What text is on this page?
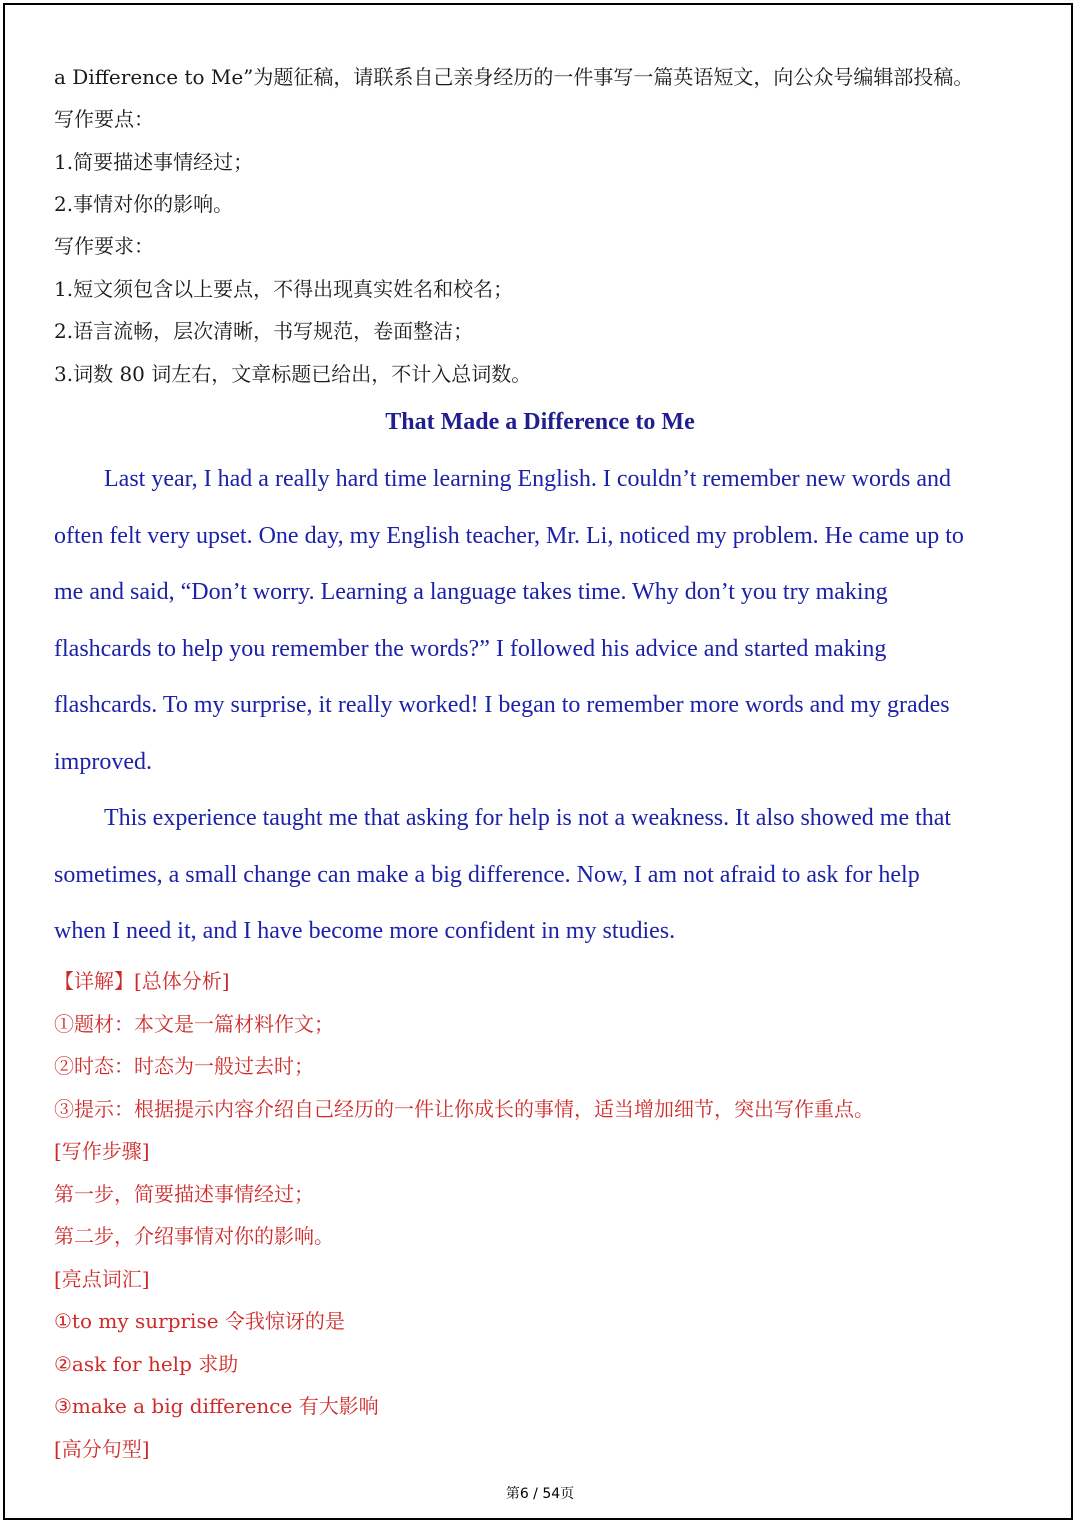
a Difference to Me”为题征稿，请联系自己亲身经历的一件事写一篇英语短文，向公众号编辑部投稿。
写作要点：
1.简要描述事情经过；
2.事情对你的影响。
写作要求：
1.短文须包含以上要点，不得出现真实姓名和校名；
2.语言流畅，层次清晰，书写规范，卷面整洁；
3.词数 80 词左右，文章标题已给出，不计入总词数。
That Made a Difference to Me
Last year, I had a really hard time learning English. I couldn’t remember new words and
often felt very upset. One day, my English teacher, Mr. Li, noticed my problem. He came up to
me and said, “Don’t worry. Learning a language takes time. Why don’t you try making
flashcards to help you remember the words?” I followed his advice and started making
flashcards. To my surprise, it really worked! I began to remember more words and my grades
improved.
This experience taught me that asking for help is not a weakness. It also showed me that
sometimes, a small change can make a big difference. Now, I am not afraid to ask for help
when I need it, and I have become more confident in my studies.
【详解】[总体分析]
①题材：本文是一篇材料作文；
②时态：时态为一般过去时；
③提示：根据提示内容介绍自己经历的一件让你成长的事情，适当增加细节，突出写作重点。
[写作步骤]
第一步，简要描述事情经过；
第二步，介绍事情对你的影响。
[亮点词汇]
①to my surprise 令我惊讶的是
②ask for help 求助
③make a big difference 有大影响
[高分句型]
第6 / 54页
